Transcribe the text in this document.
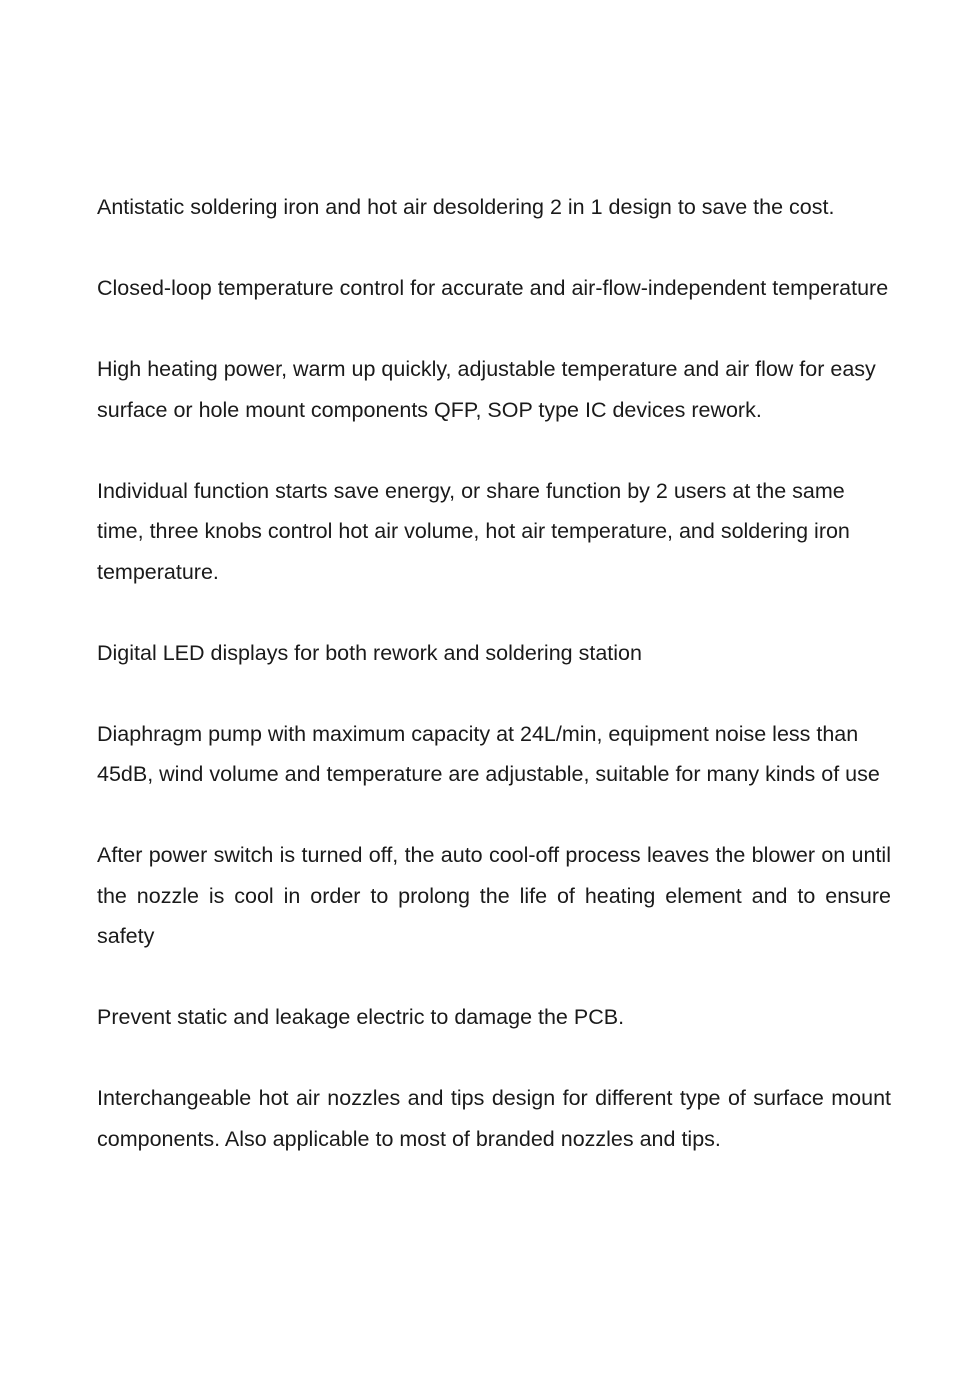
Antistatic soldering iron and hot air desoldering 2 in 1 design to save the cost.

Closed-loop temperature control for accurate and air-flow-independent temperature

High heating power, warm up quickly, adjustable temperature and air flow for easy surface or hole mount components QFP, SOP type IC devices rework.

Individual function starts save energy, or share function by 2 users at the same time, three knobs control hot air volume, hot air temperature, and soldering iron temperature.

Digital LED displays for both rework and soldering station

Diaphragm pump with maximum capacity at 24L/min, equipment noise less than 45dB, wind volume and temperature are adjustable, suitable for many kinds of use

After power switch is turned off, the auto cool-off process leaves the blower on until the nozzle is cool in order to prolong the life of heating element and to ensure safety

Prevent static and leakage electric to damage the PCB.

Interchangeable hot air nozzles and tips design for different type of surface mount components. Also applicable to most of branded nozzles and tips.
